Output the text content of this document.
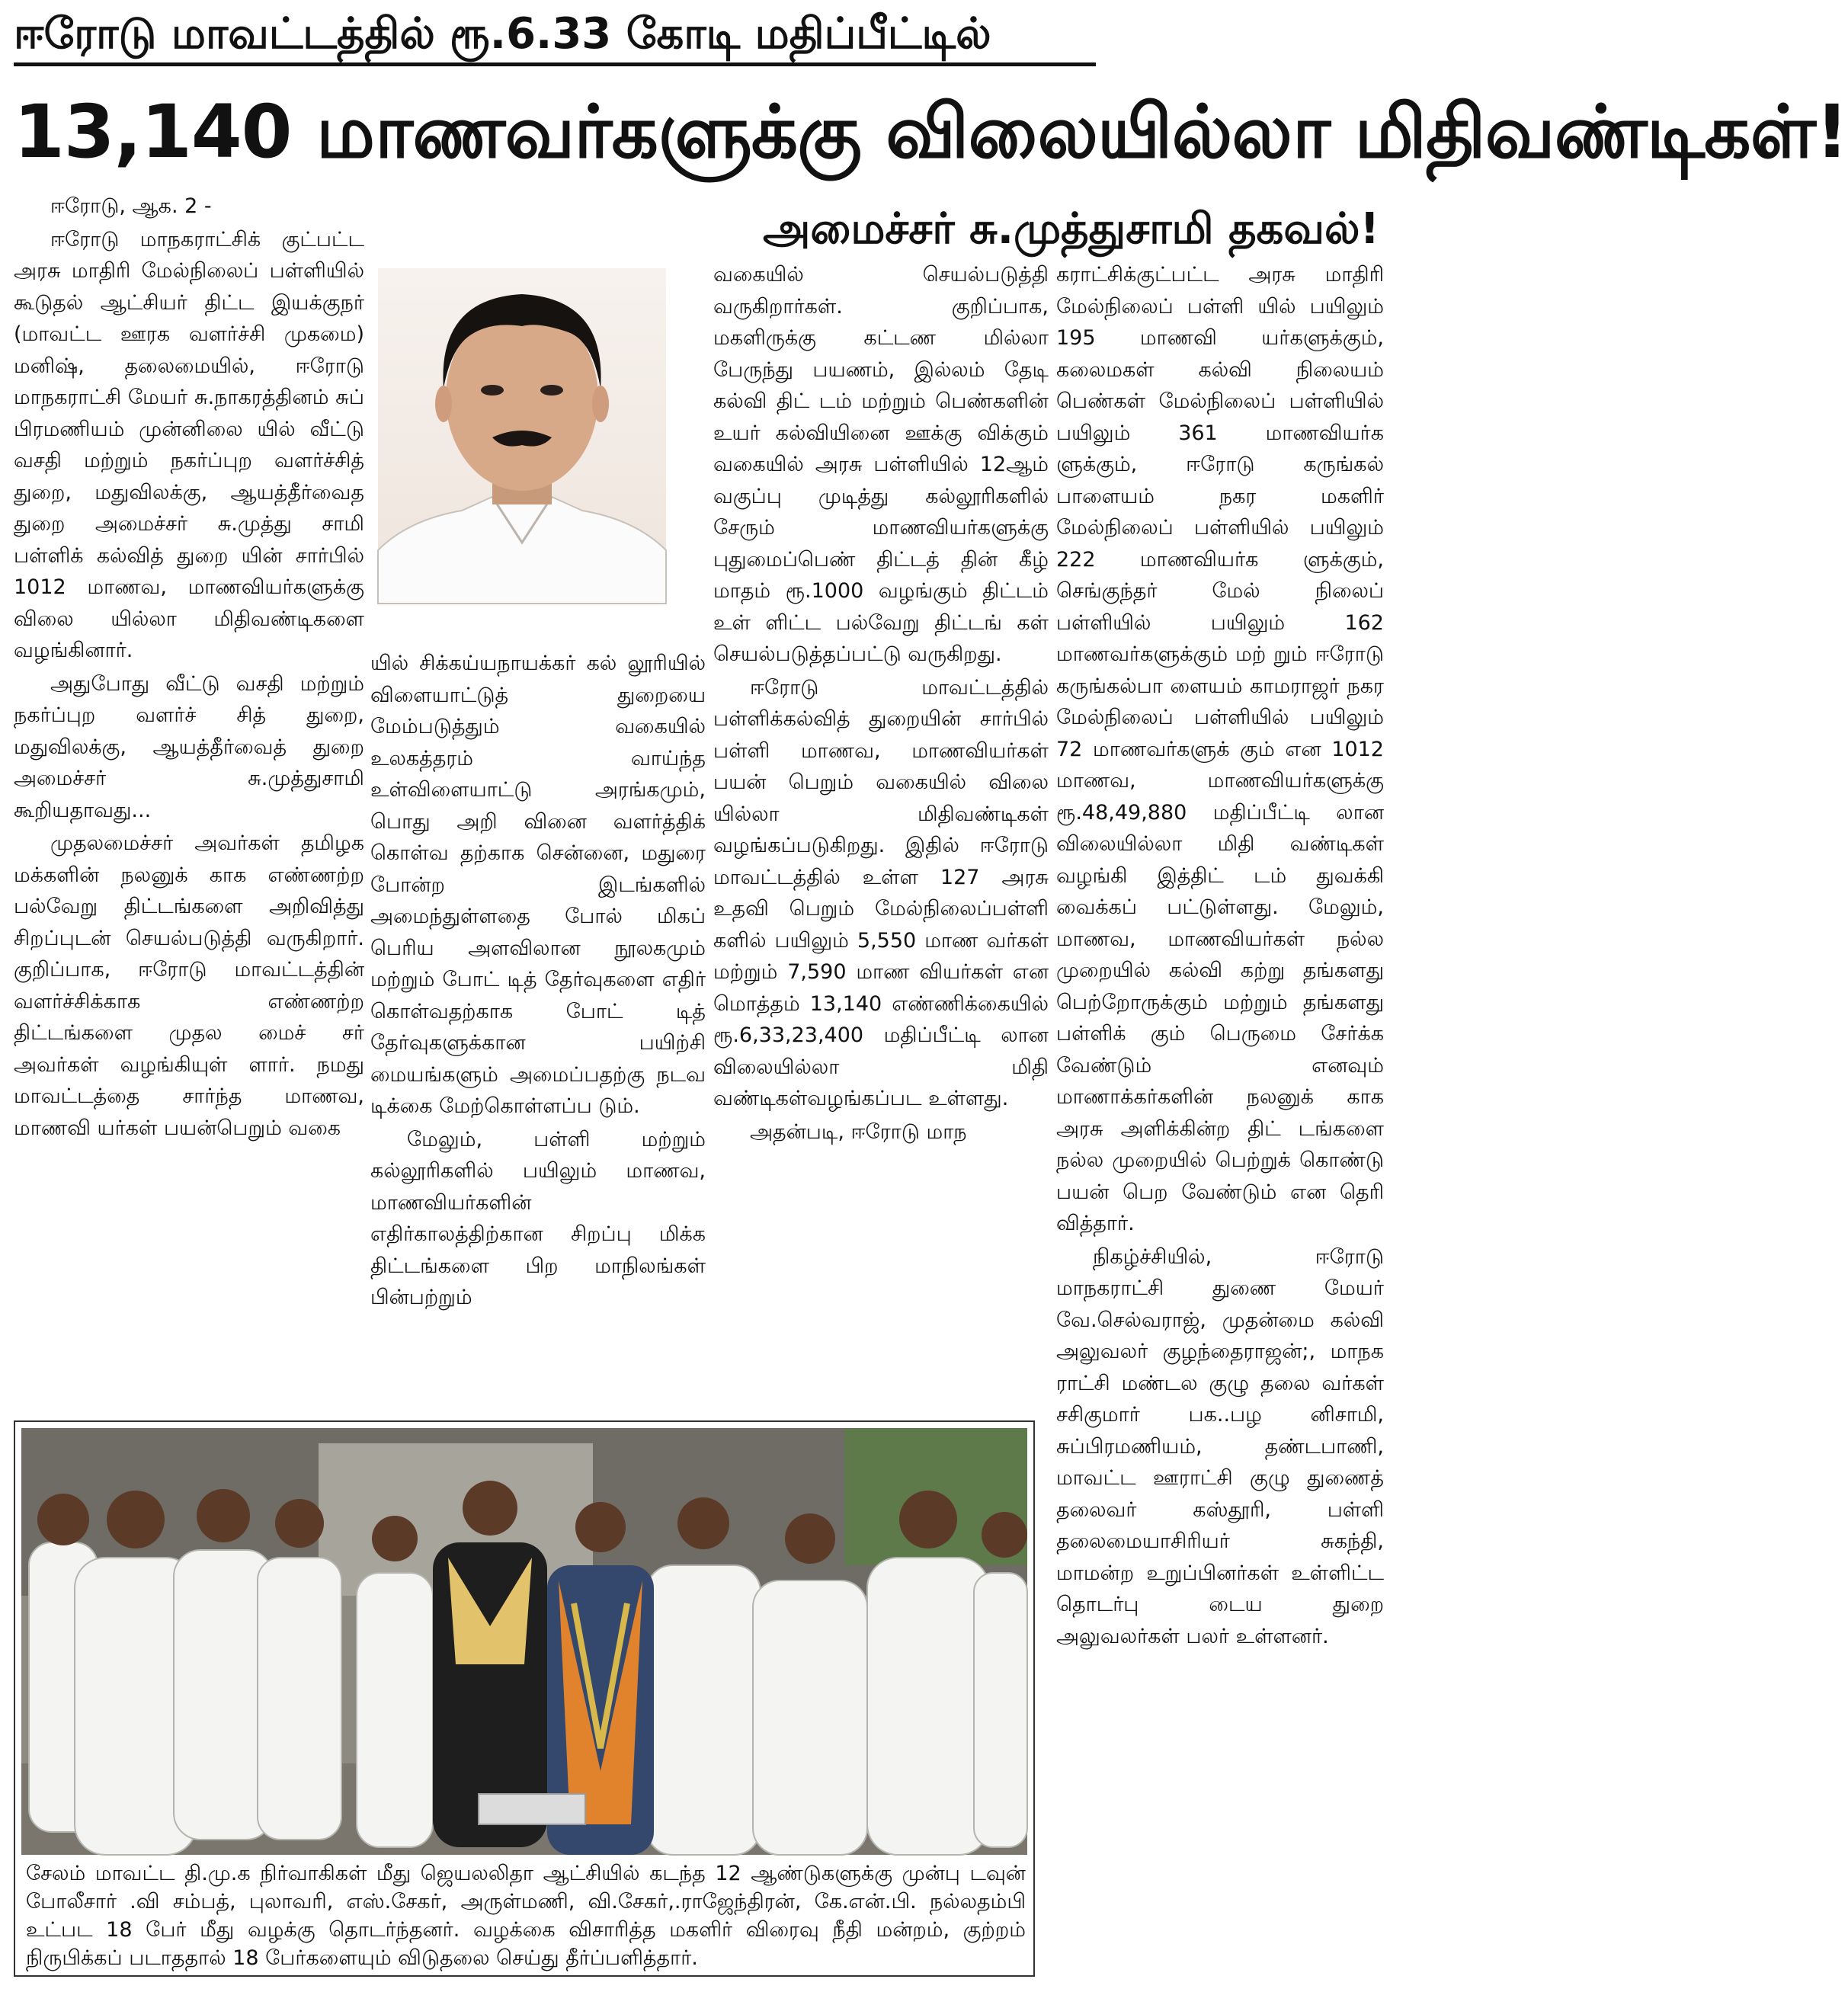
ஈரோடு மாவட்டத்தில் ரூ.6.33 கோடி மதிப்பீட்டில்
13,140 மாணவர்களுக்கு விலையில்லா மிதிவண்டிகள்!
அமைச்சர் சு.முத்துசாமி தகவல்!

ஈரோடு, ஆக. 2 -

ஈரோடு மாநகராட்சிக் குட்பட்ட அரசு மாதிரி மேல்நிலைப் பள்ளியில் கூடுதல் ஆட்சியர் திட்ட இயக்குநர் (மாவட்ட ஊரக வளர்ச்சி முகமை) மனிஷ், தலைமையில், ஈரோடு மாநகராட்சி மேயர் சு.நாகரத்தினம் சுப் பிரமணியம் முன்னிலை யில் வீட்டு வசதி மற்றும் நகர்ப்புற வளர்ச்சித் துறை, மதுவிலக்கு, ஆயத்தீர்வைத துறை அமைச்சர் சு.முத்து சாமி பள்ளிக் கல்வித் துறை யின் சார்பில் 1012 மாணவ, மாணவியர்களுக்கு விலை யில்லா மிதிவண்டிகளை வழங்கினார்.

அதுபோது வீட்டு வசதி மற்றும் நகர்ப்புற வளர்ச் சித் துறை, மதுவிலக்கு, ஆயத்தீர்வைத் துறை அமைச்சர் சு.முத்துசாமி கூறியதாவது...

முதலமைச்சர் அவர்கள் தமிழக மக்களின் நலனுக் காக எண்ணற்ற பல்வேறு திட்டங்களை அறிவித்து சிறப்புடன் செயல்படுத்தி வருகிறார். குறிப்பாக, ஈரோடு மாவட்டத்தின் வளர்ச்சிக்காக எண்ணற்ற திட்டங்களை முதல மைச் சர் அவர்கள் வழங்கியுள் ளார். நமது மாவட்டத்தை சார்ந்த மாணவ, மாணவி யர்கள் பயன்பெறும் வகை

யில் சிக்கய்யநாயக்கர் கல் லூரியில் விளையாட்டுத் துறையை மேம்படுத்தும் வகையில் உலகத்தரம் வாய்ந்த உள்விளையாட்டு அரங்கமும், பொது அறி வினை வளர்த்திக் கொள்வ தற்காக சென்னை, மதுரை போன்ற இடங்களில் அமைந்துள்ளதை போல் மிகப் பெரிய அளவிலான நூலகமும் மற்றும் போட் டித் தேர்வுகளை எதிர் கொள்வதற்காக போட் டித் தேர்வுகளுக்கான பயிற்சி மையங்களும் அமைப்பதற்கு நடவ டிக்கை மேற்கொள்ளப்ப டும்.

மேலும், பள்ளி மற்றும் கல்லூரிகளில் பயிலும் மாணவ, மாணவியர்களின் எதிர்காலத்திற்கான சிறப்பு மிக்க திட்டங்களை பிற மாநிலங்கள் பின்பற்றும்

வகையில் செயல்படுத்தி வருகிறார்கள். குறிப்பாக, மகளிருக்கு கட்டண மில்லா பேருந்து பயணம், இல்லம் தேடி கல்வி திட் டம் மற்றும் பெண்களின் உயர் கல்வியினை ஊக்கு விக்கும் வகையில் அரசு பள்ளியில் 12ஆம் வகுப்பு முடித்து கல்லூரிகளில் சேரும் மாணவியர்களுக்கு புதுமைப்பெண் திட்டத் தின் கீழ் மாதம் ரூ.1000 வழங்கும் திட்டம் உள் ளிட்ட பல்வேறு திட்டங் கள் செயல்படுத்தப்பட்டு வருகிறது.

ஈரோடு மாவட்டத்தில் பள்ளிக்கல்வித் துறையின் சார்பில் பள்ளி மாணவ, மாணவியர்கள் பயன் பெறும் வகையில் விலை யில்லா மிதிவண்டிகள் வழங்கப்படுகிறது. இதில் ஈரோடு மாவட்டத்தில் உள்ள 127 அரசு உதவி பெறும் மேல்நிலைப்பள்ளி களில் பயிலும் 5,550 மாண வர்கள் மற்றும் 7,590 மாண வியர்கள் என மொத்தம் 13,140 எண்ணிக்கையில் ரூ.6,33,23,400 மதிப்பீட்டி லான விலையில்லா மிதி வண்டிகள்வழங்கப்பட உள்ளது.

அதன்படி, ஈரோடு மாந

கராட்சிக்குட்பட்ட அரசு மாதிரி மேல்நிலைப் பள்ளி யில் பயிலும் 195 மாணவி யர்களுக்கும், கலைமகள் கல்வி நிலையம் பெண்கள் மேல்நிலைப் பள்ளியில் பயிலும் 361 மாணவியர்க ளுக்கும், ஈரோடு கருங்கல் பாளையம் நகர மகளிர் மேல்நிலைப் பள்ளியில் பயிலும் 222 மாணவியர்க ளுக்கும், செங்குந்தர் மேல் நிலைப் பள்ளியில் பயிலும் 162 மாணவர்களுக்கும் மற் றும் ஈரோடு கருங்கல்பா ளையம் காமராஜர் நகர மேல்நிலைப் பள்ளியில் பயிலும் 72 மாணவர்களுக் கும் என 1012 மாணவ, மாணவியர்களுக்கு ரூ.48,49,880 மதிப்பீட்டி லான விலையில்லா மிதி வண்டிகள் வழங்கி இத்திட் டம் துவக்கி வைக்கப் பட்டுள்ளது. மேலும், மாணவ, மாணவியர்கள் நல்ல முறையில் கல்வி கற்று தங்களது பெற்றோருக்கும் மற்றும் தங்களது பள்ளிக் கும் பெருமை சேர்க்க வேண்டும் எனவும் மாணாக்கர்களின் நலனுக் காக அரசு அளிக்கின்ற திட் டங்களை நல்ல முறையில் பெற்றுக் கொண்டு பயன் பெற வேண்டும் என தெரி வித்தார்.

நிகழ்ச்சியில், ஈரோடு மாநகராட்சி துணை மேயர் வே.செல்வராஜ், முதன்மை கல்வி அலுவலர் குழந்தைராஜன்;, மாநக ராட்சி மண்டல குழு தலை வர்கள் சசிகுமார் பக..பழ னிசாமி, சுப்பிரமணியம், தண்டபாணி, மாவட்ட ஊராட்சி குழு துணைத் தலைவர் கஸ்தூரி, பள்ளி தலைமையாசிரியர் சுகந்தி, மாமன்ற உறுப்பினர்கள் உள்ளிட்ட தொடர்பு டைய துறை அலுவலர்கள் பலர் உள்ளனர்.

சேலம் மாவட்ட தி.மு.க நிர்வாகிகள் மீது ஜெயலலிதா ஆட்சியில் கடந்த 12 ஆண்டுகளுக்கு முன்பு டவுன் போலீசார் .வி சம்பத், புலாவரி, எஸ்.சேகர், அருள்மணி, வி.சேகர்,.ராஜேந்திரன், கே.என்.பி. நல்லதம்பி உட்பட 18 பேர் மீது வழக்கு தொடர்ந்தனர். வழக்கை விசாரித்த மகளிர் விரைவு நீதி மன்றம், குற்றம் நிருபிக்கப் படாததால் 18 பேர்களையும் விடுதலை செய்து தீர்ப்பளித்தார்.
